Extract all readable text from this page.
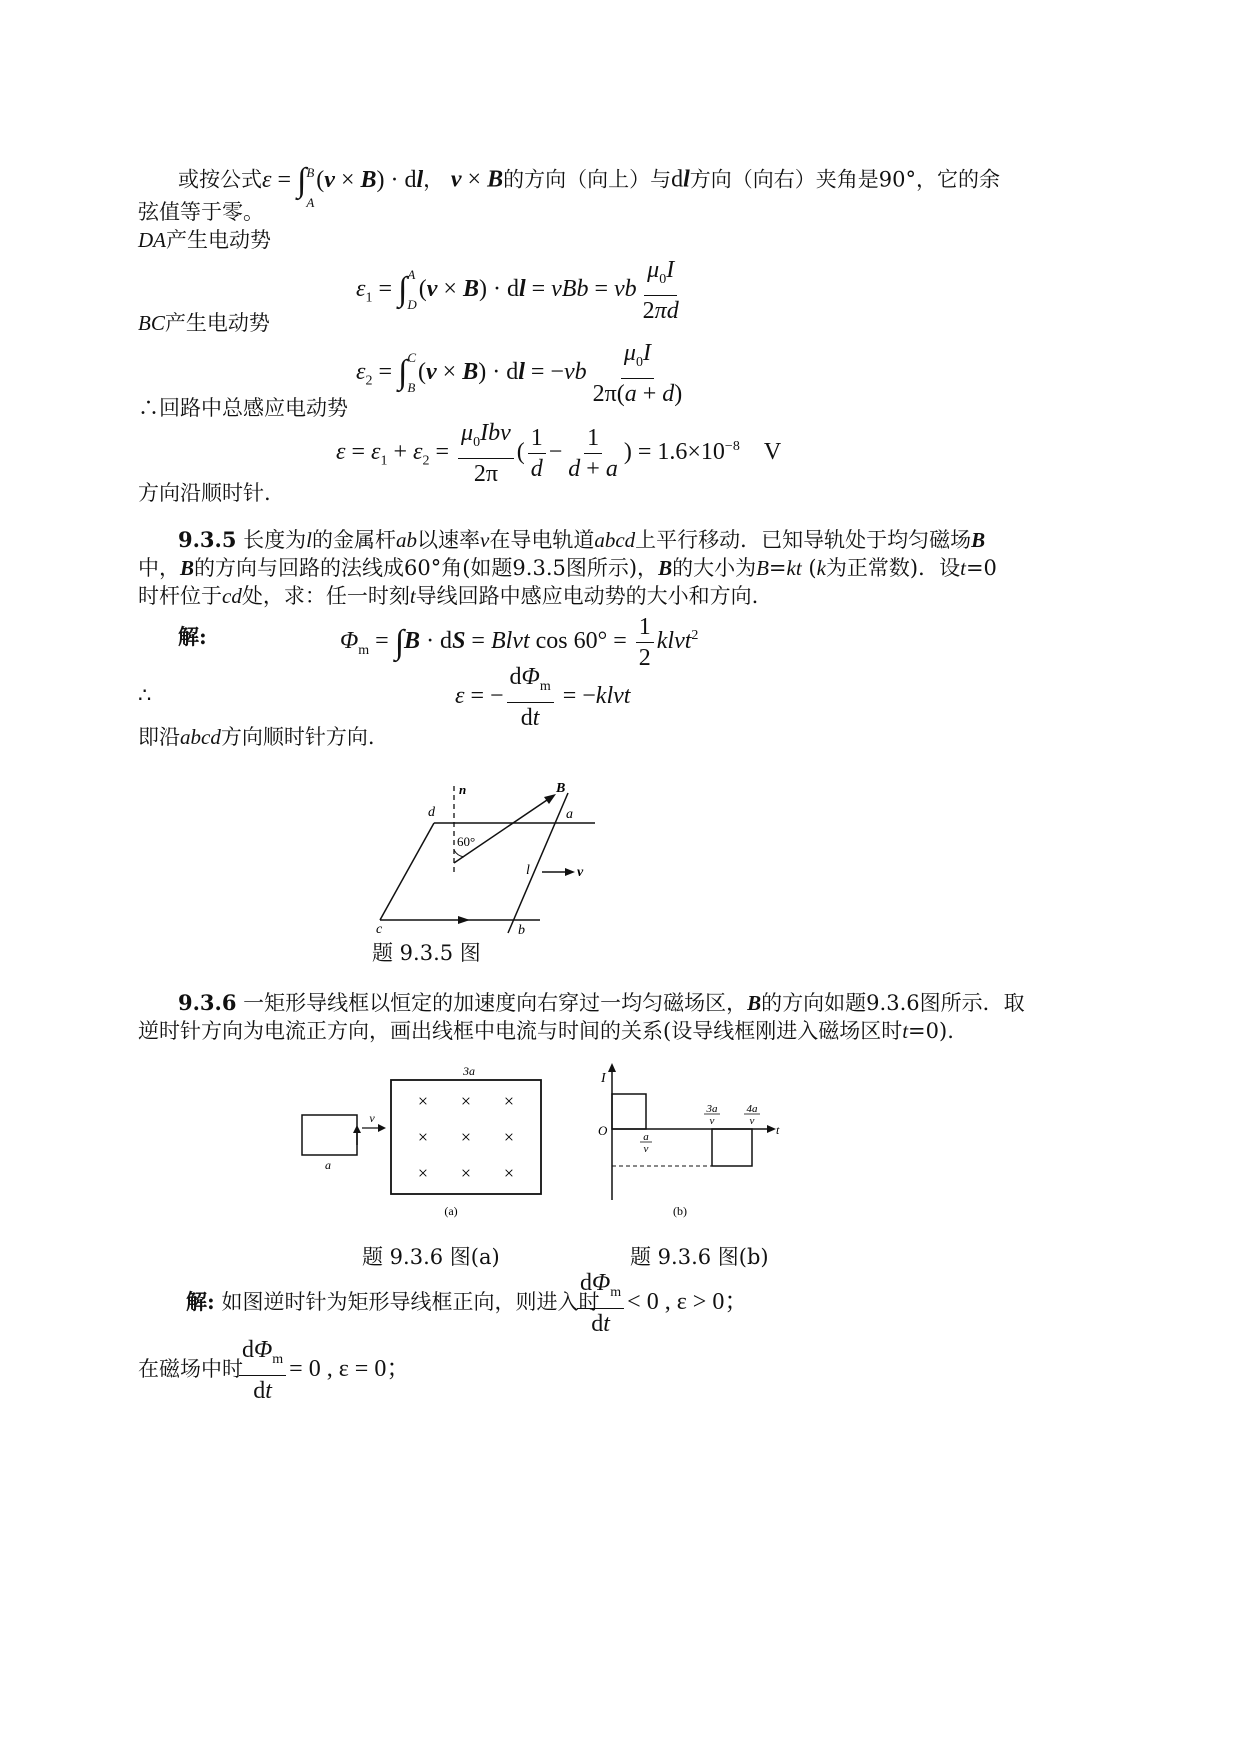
或按公式ε = ∫ B
A
(v × B) · dl， v × B的方向（向上）与dl方向（向右）夹角是90°，它的余
弦值等于零。
DA产生电动势
$\varepsilon_1$ = ∫ A
D
(v × B) · dl = vBb = vb $\frac{\mu_0I}{2\pi d}$
BC产生电动势
$\varepsilon_2$ = ∫ C
B
(v × B) · dl = $-vb \frac{\mu_0I}{2\pi(a + d)}$
∴回路中总感应电动势
$\varepsilon = \varepsilon_1 + \varepsilon_2 = \frac{\mu_0Ibv}{2\pi}$ ( $\frac{1}{d} - \frac{1}{d + a}$ ) = $1.6\times 10^{-8}$ V
方向沿顺时针.
9.3.5 长度为l的金属杆ab以速率v在导电轨道abcd上平行移动．已知导轨处于均匀磁场B
中，B的方向与回路的法线成60°角(如题9.3.5图所示)，B的大小为B=kt (k为正常数)．设t=0
时杆位于cd处，求：任一时刻t导线回路中感应电动势的大小和方向.
解:	$\Phi_m = \int B$ · dS = Blvt $\cos 60^\circ = \frac{1}{2}$ klvt$^2$
∴	ε = − $\frac{d\Phi_m}{dt}$ = −klvt
即沿abcd方向顺时针方向.
n	B
60°
d	a
c	b
l	v
题 9.3.5 图
9.3.6 一矩形导线框以恒定的加速度向右穿过一均匀磁场区，B的方向如题9.3.6图所示．取
逆时针方向为电流正方向，画出线框中电流与时间的关系(设导线框刚进入磁场区时t=0).
× × ×
× × ×
× × ×
3a
v
a
(a)
I
O	t
a
v
3a
v
4a
v
(b)
题 9.3.6 图(a)	题 9.3.6 图(b)
解: 如图逆时针为矩形导线框正向，则进入时
$\frac{d\Phi_m}{dt} < 0$ , ε > 0；
在磁场中时
$\frac{d\Phi_m}{dt} = 0$ , ε = 0；
